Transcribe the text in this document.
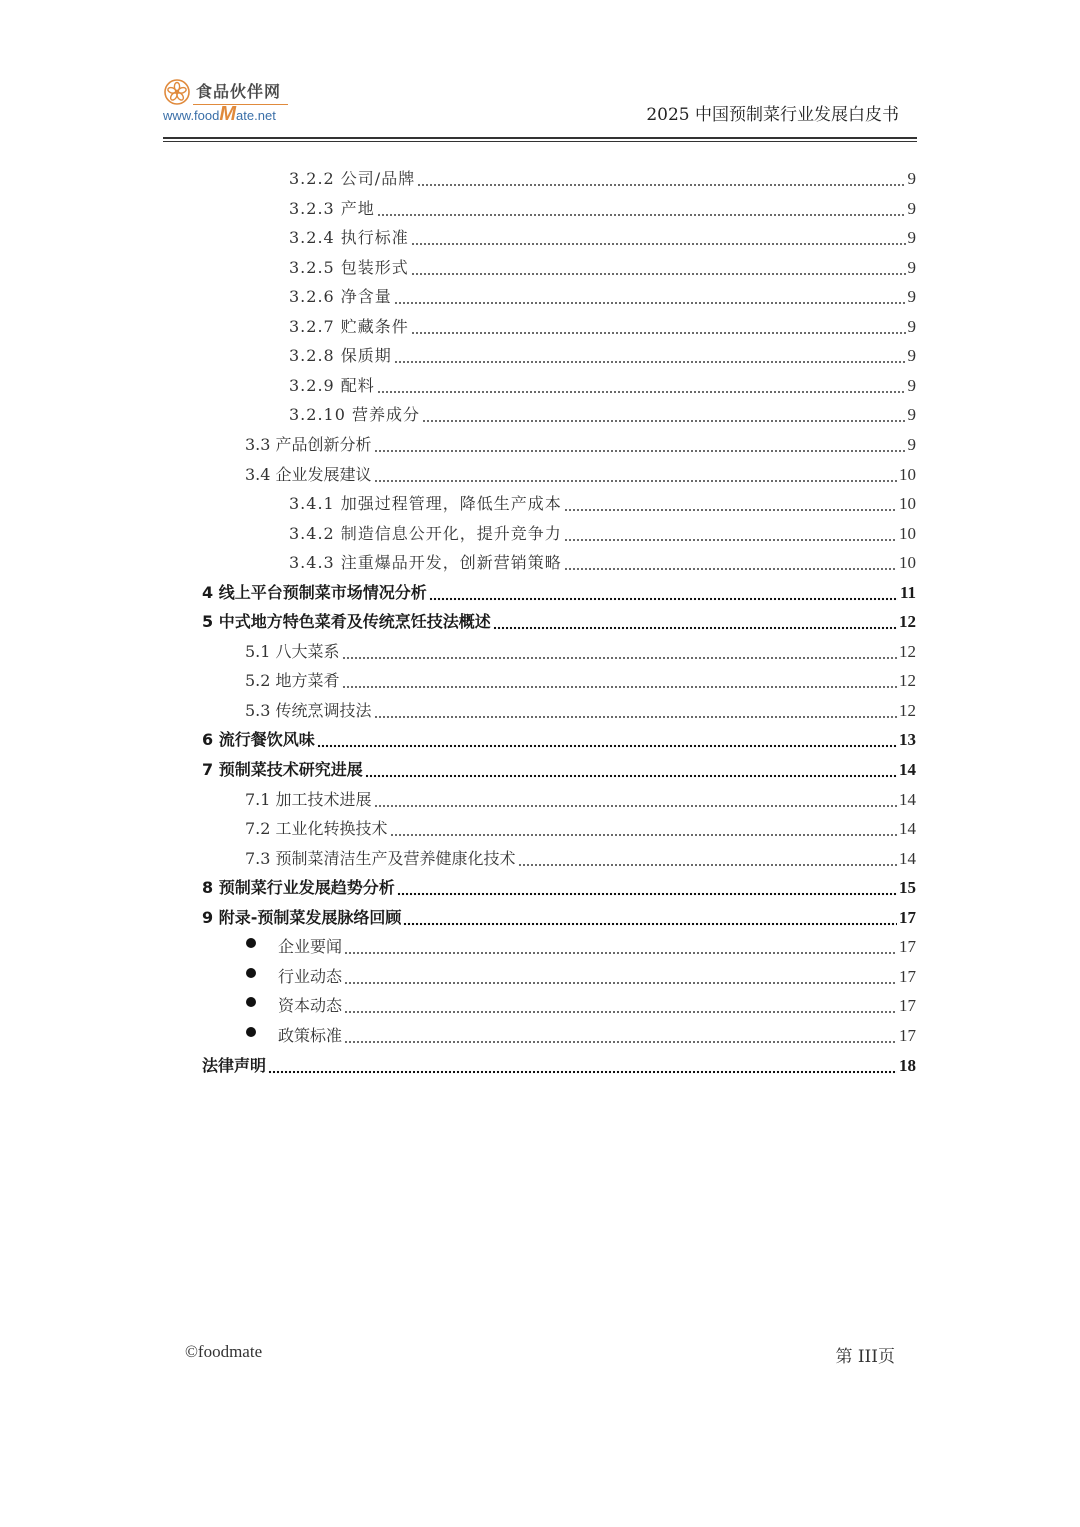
食品伙伴网
www.foodMate.net	2025 中国预制菜行业发展白皮书
3.2.2 公司/品牌	9
3.2.3 产地	9
3.2.4 执行标准	9
3.2.5 包装形式	9
3.2.6 净含量	9
3.2.7 贮藏条件	9
3.2.8 保质期	9
3.2.9 配料	9
3.2.10 营养成分	9
3.3 产品创新分析	9
3.4 企业发展建议	10
3.4.1 加强过程管理，降低生产成本	10
3.4.2 制造信息公开化，提升竞争力	10
3.4.3 注重爆品开发，创新营销策略	10
4 线上平台预制菜市场情况分析	11
5 中式地方特色菜肴及传统烹饪技法概述	12
5.1 八大菜系	12
5.2 地方菜肴	12
5.3 传统烹调技法	12
6 流行餐饮风味	13
7 预制菜技术研究进展	14
7.1 加工技术进展	14
7.2 工业化转换技术	14
7.3 预制菜清洁生产及营养健康化技术	14
8 预制菜行业发展趋势分析	15
9 附录-预制菜发展脉络回顾	17
企业要闻	17
行业动态	17
资本动态	17
政策标准	17
法律声明	18
©foodmate	第 III页
